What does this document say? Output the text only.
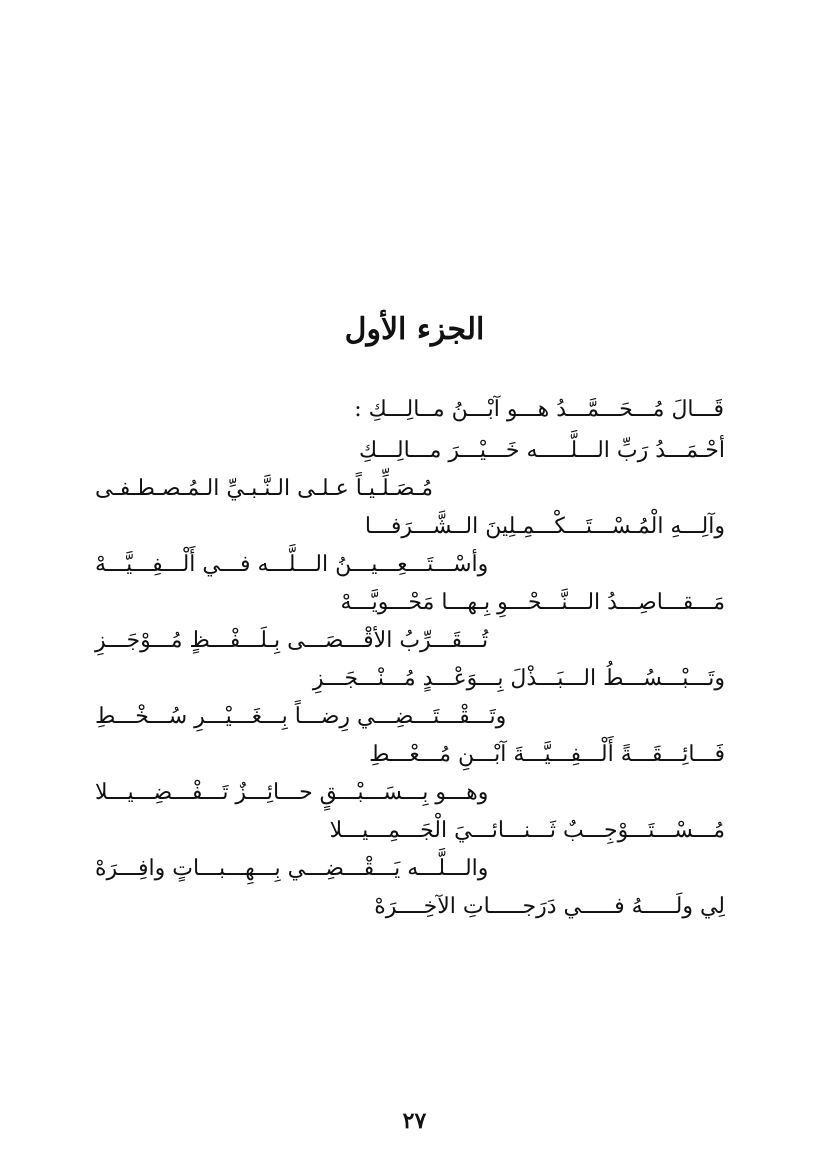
الجزء الأول
قَـــالَ مُـــحَـــمَّـــدُ هـــو آبْـــنُ مــالِـــكِ :
أحْـمَـــدُ رَبِّ الـــلَّـــــه خَـــيْـــرَ مـــالِـــكِ
مُـصَـلِّـيـاً عـلـى الـنَّـبـيِّ الـمُـصـطـفـى
وآلِـــهِ الْمُـسْـــتَـــكْـــمِـلِينَ الــشَّـــرَفـــا
وأسْـــتَـــعِـــيـــنُ الـــلَّـــه فـــي أَلْـــفِـــيَّـــهْ
مَـــقـــاصِـــدُ الـــنَّـــحْـــوِ بِـهـــا مَحْـــويَّـــهْ
تُـــقَـــرِّبُ الأقْـــصَـــى بِـلَـــفْـــظٍ مُـــوْجَـــزِ
وتَـــبْـــسُـــطُ الـــبَـــذْلَ بِـــوَعْـــدٍ مُـــنْـــجَـــزِ
وتَـــقْـــتَـــضِـــي رِضـــاً بِـــغَـــيْـــرِ سُـــخْـــطِ
فَـــائِـــقَـــةً أَلْـــفِـــيَّـــةَ آبْـــنِ مُـــعْـــطِ
وهـــو بِـــسَـــبْـــقٍ حـــائِـــزٌ تَـــفْـــضِـــيـــلا
مُـــسْـــتَـــوْجِـــبٌ ثَـــنـــائـــيَ الْجَـــمِـــيـــلا
والـــلَّـــه يَـــقْـــضِـــي بِـــهِـــبـــاتٍ وافِـــرَهْ
لِي ولَـــــهُ فـــــي دَرَجـــــاتِ الآخِــــرَهْ
٢٧
